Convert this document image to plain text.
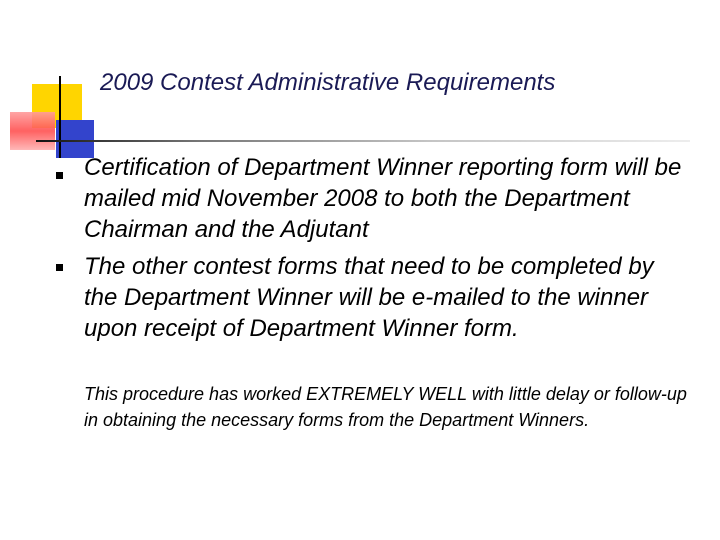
2009 Contest Administrative Requirements

Certification of Department Winner reporting form will be mailed mid November 2008 to both the Department Chairman and the Adjutant

The other contest forms that need to be completed by the Department Winner will be e-mailed to the winner upon receipt of Department Winner form.

This procedure has worked EXTREMELY WELL with little delay or follow-up in obtaining the necessary forms from the Department Winners.
